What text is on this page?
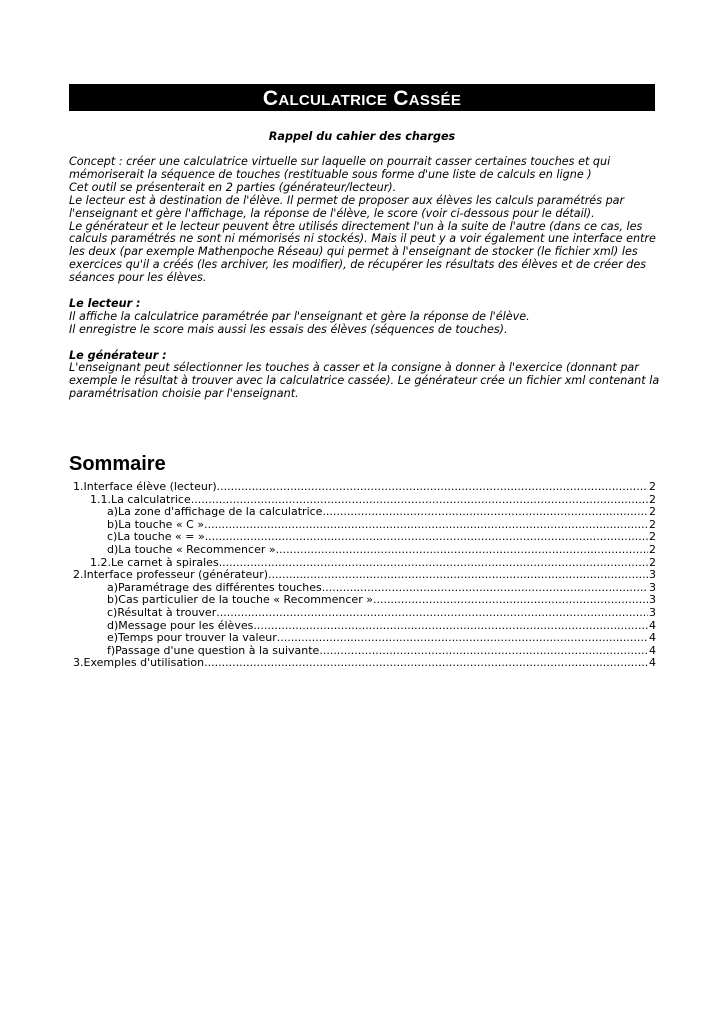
Calculatrice Cassée
Rappel du cahier des charges

Concept : créer une calculatrice virtuelle sur laquelle on pourrait casser certaines touches et qui

mémoriserait la séquence de touches (restituable sous forme d'une liste de calculs en ligne )

Cet outil se présenterait en 2 parties (générateur/lecteur).

Le lecteur est à destination de l'élève. Il permet de proposer aux élèves les calculs paramétrés par

l'enseignant et gère l'affichage, la réponse de l'élève, le score (voir ci-dessous pour le détail).

Le générateur et le lecteur peuvent être utilisés directement l'un à la suite de l'autre (dans ce cas, les

calculs paramétrés ne sont ni mémorisés ni stockés). Mais il peut y a voir également une interface entre

les deux (par exemple Mathenpoche Réseau) qui permet à l'enseignant de stocker (le fichier xml) les

exercices qu'il a créés (les archiver, les modifier), de récupérer les résultats des élèves et de créer des

séances pour les élèves.

Le lecteur :

Il affiche la calculatrice paramétrée par l'enseignant et gère la réponse de l'élève.

Il enregistre le score mais aussi les essais des élèves (séquences de touches).

Le générateur :

L'enseignant peut sélectionner les touches à casser et la consigne à donner à l'exercice (donnant par

exemple le résultat à trouver avec la calculatrice cassée). Le générateur crée un fichier xml contenant la

paramétrisation choisie par l'enseignant.

Sommaire
1.Interface élève (lecteur) .....	2
1.1.La calculatrice .....	2
a)La zone d'affichage de la calculatrice .....	2
b)La touche « C » .....	2
c)La touche « = » .....	2
d)La touche « Recommencer » .....	2
1.2.Le carnet à spirales .....	2
2.Interface professeur (générateur) .....	3
a)Paramétrage des différentes touches .....	3
b)Cas particulier de la touche « Recommencer » .....	3
c)Résultat à trouver .....	3
d)Message pour les élèves .....	4
e)Temps pour trouver la valeur .....	4
f)Passage d'une question à la suivante .....	4
3.Exemples d'utilisation .....	4
